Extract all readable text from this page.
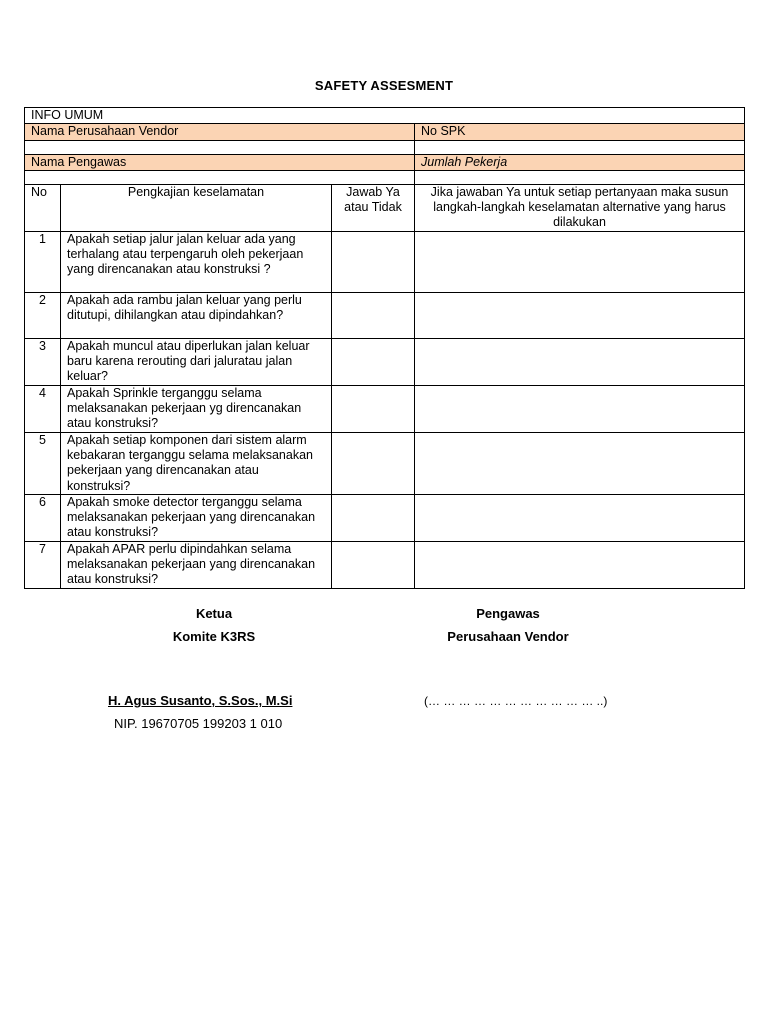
SAFETY ASSESMENT
INFO UMUM			
Nama Perusahaan Vendor			No SPK

Nama Pengawas			Jumlah Pekerja

No	Pengkajian keselamatan	Jawab Ya atau Tidak	Jika jawaban Ya untuk setiap pertanyaan maka susun langkah-langkah keselamatan alternative yang harus dilakukan
1	Apakah setiap jalur jalan keluar ada yang terhalang atau terpengaruh oleh pekerjaan yang direncanakan atau konstruksi ?		
2	Apakah ada rambu jalan keluar yang perlu ditutupi, dihilangkan atau dipindahkan?		
3	Apakah muncul atau diperlukan jalan keluar baru karena rerouting dari jaluratau jalan keluar?		
4	Apakah Sprinkle terganggu selama melaksanakan pekerjaan yg direncanakan atau konstruksi?		
5	Apakah setiap komponen dari sistem alarm kebakaran terganggu selama melaksanakan pekerjaan yang direncanakan atau konstruksi?		
6	Apakah smoke detector terganggu selama melaksanakan pekerjaan yang direncanakan atau konstruksi?		
7	Apakah APAR perlu dipindahkan selama melaksanakan pekerjaan yang direncanakan atau konstruksi?		
Ketua
Komite K3RS
Pengawas
Perusahaan Vendor
H. Agus Susanto, S.Sos., M.Si
NIP. 19670705 199203 1 010
(… … … … … … … … … … … ..)
